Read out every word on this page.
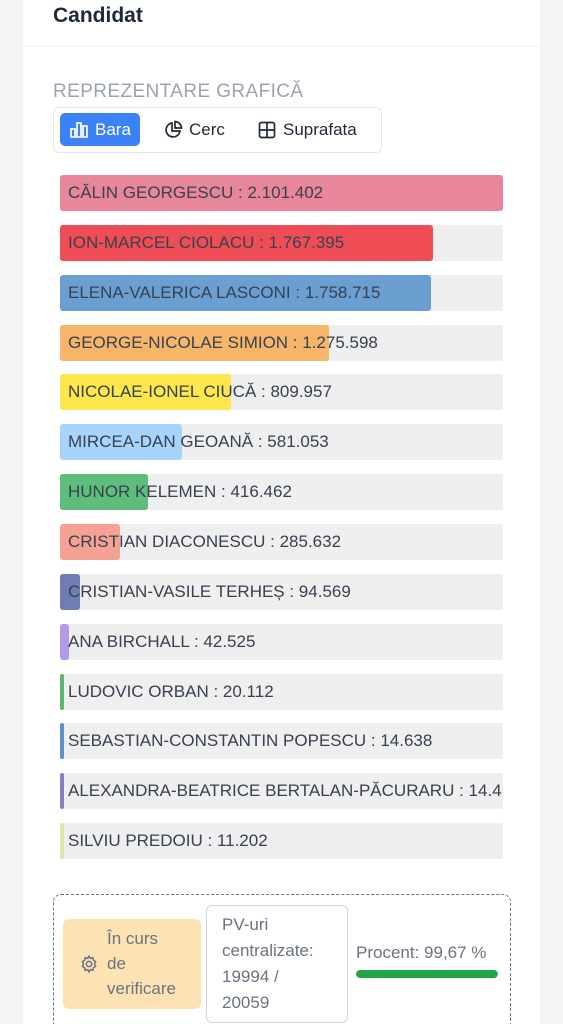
Candidat
REPREZENTARE GRAFICĂ
Bara	Cerc	Suprafata
CĂLIN GEORGESCU : 2.101.402
ION-MARCEL CIOLACU : 1.767.395
ELENA-VALERICA LASCONI : 1.758.715
GEORGE-NICOLAE SIMION : 1.275.598
NICOLAE-IONEL CIUCĂ : 809.957
MIRCEA-DAN GEOANĂ : 581.053
HUNOR KELEMEN : 416.462
CRISTIAN DIACONESCU : 285.632
CRISTIAN-VASILE TERHEȘ : 94.569
ANA BIRCHALL : 42.525
LUDOVIC ORBAN : 20.112
SEBASTIAN-CONSTANTIN POPESCU : 14.638
ALEXANDRA-BEATRICE BERTALAN-PĂCURARU : 14.4
SILVIU PREDOIU : 11.202
În curs
de
verificare
PV-uri
centralizate:
19994 /
20059
Procent: 99,67 %
